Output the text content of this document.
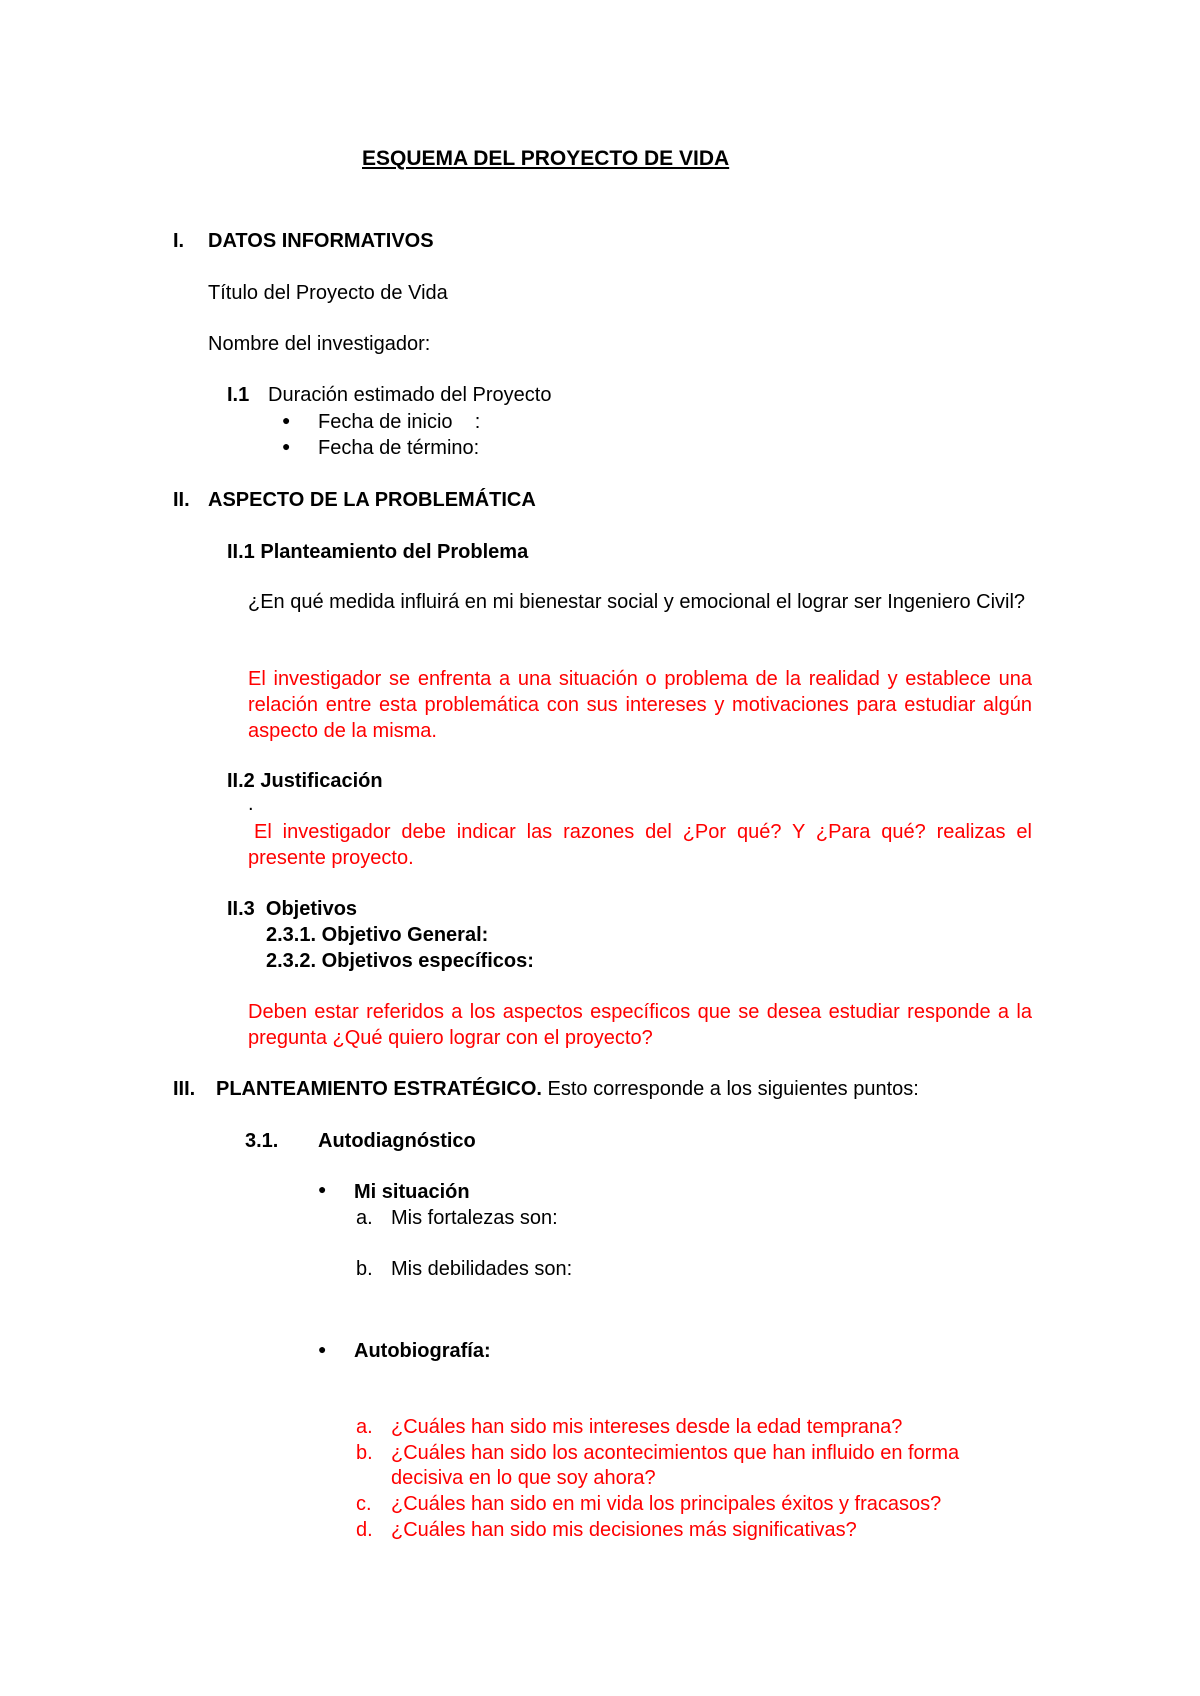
ESQUEMA DEL PROYECTO DE VIDA
I. DATOS INFORMATIVOS
Título del Proyecto de Vida
Nombre del investigador:
I.1 Duración estimado del Proyecto
● Fecha de inicio    :
● Fecha de término:
II. ASPECTO DE LA PROBLEMÁTICA
II.1 Planteamiento del Problema
¿En qué medida influirá en mi bienestar social y emocional el lograr ser Ingeniero Civil?
El investigador se enfrenta a una situación o problema de la realidad y establece una relación entre esta problemática con sus intereses y motivaciones para estudiar algún aspecto de la misma.
II.2 Justificación
.
El investigador debe indicar las razones del ¿Por qué? Y ¿Para qué? realizas el presente proyecto.
II.3  Objetivos
2.3.1. Objetivo General:
2.3.2. Objetivos específicos:
Deben estar referidos a los aspectos específicos que se desea estudiar responde a la pregunta ¿Qué quiero lograr con el proyecto?
III. PLANTEAMIENTO ESTRATÉGICO. Esto corresponde a los siguientes puntos:
3.1. Autodiagnóstico
● Mi situación
a. Mis fortalezas son:
b. Mis debilidades son:
● Autobiografía:
a. ¿Cuáles han sido mis intereses desde la edad temprana?
b. ¿Cuáles han sido los acontecimientos que han influido en forma
decisiva en lo que soy ahora?
c. ¿Cuáles han sido en mi vida los principales éxitos y fracasos?
d. ¿Cuáles han sido mis decisiones más significativas?
